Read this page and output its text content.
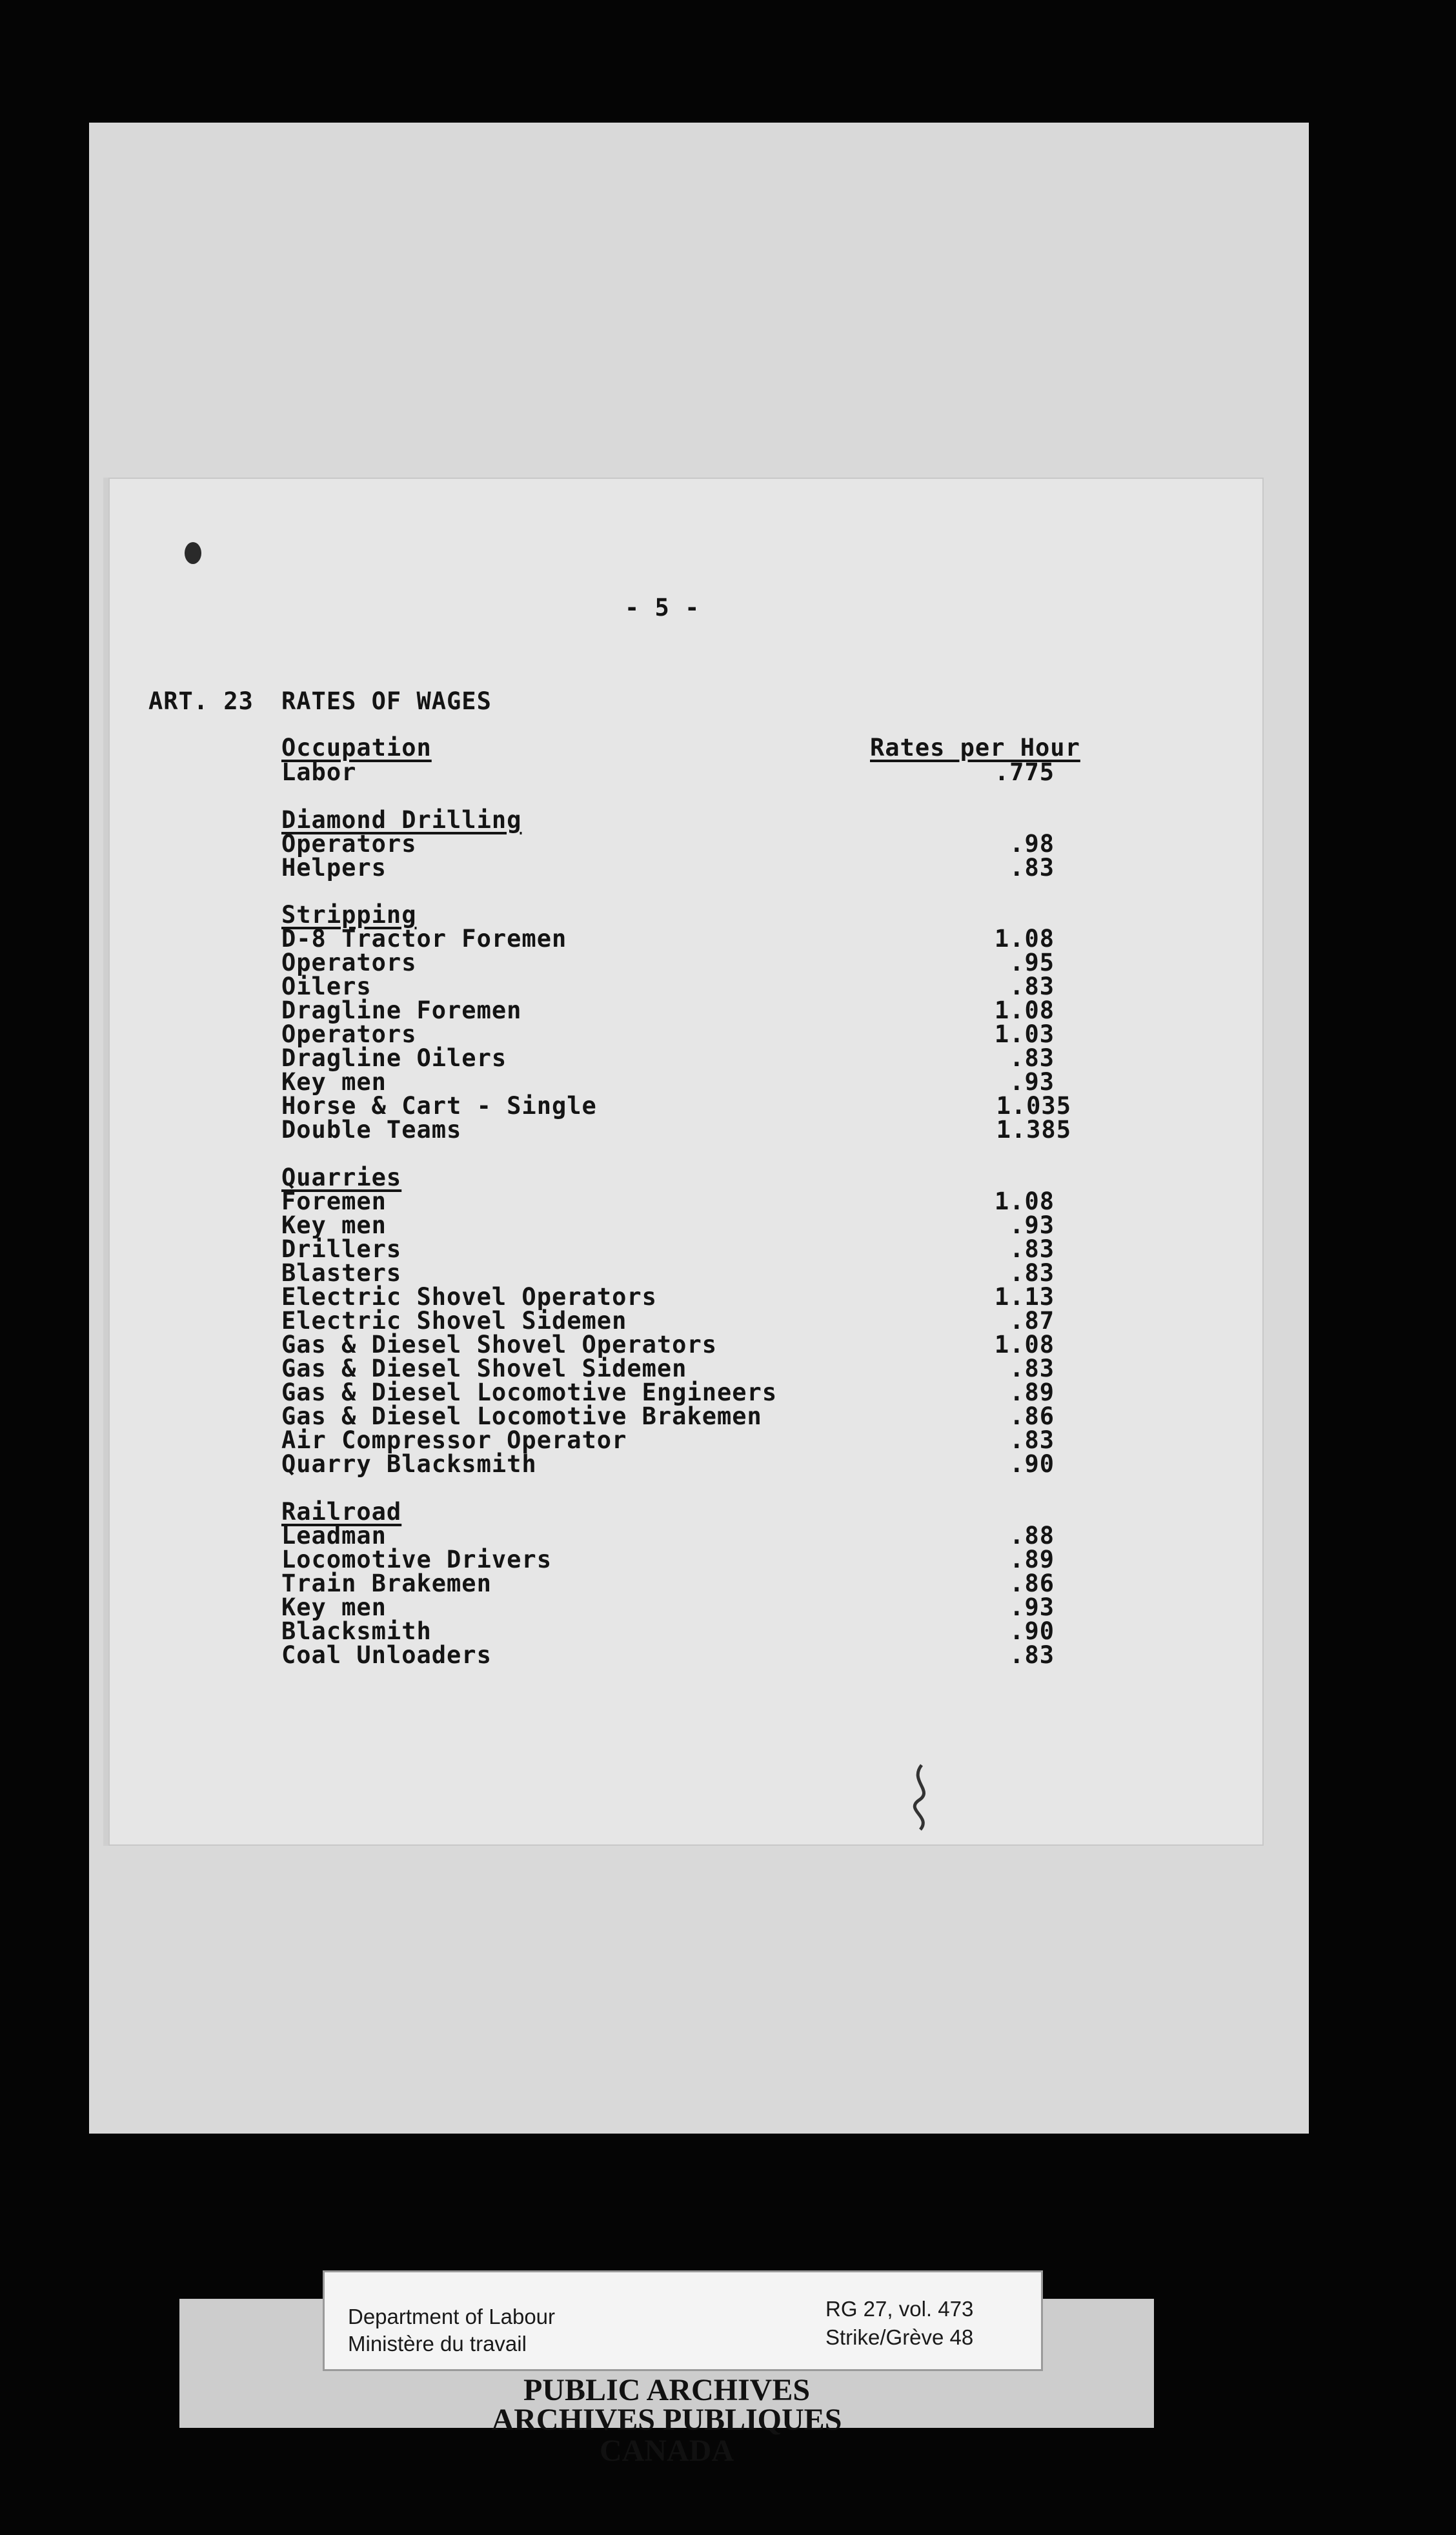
- 5 -
ART. 23 RATES OF WAGES
Occupation	Rates per Hour
Labor	.775
Diamond Drilling
Operators	.98
Helpers	.83
Stripping
D-8 Tractor Foremen	1.08
Operators	.95
Oilers	.83
Dragline Foremen	1.08
Operators	1.03
Dragline Oilers	.83
Key men	.93
Horse & Cart - Single	1.035
Double Teams	1.385
Quarries
Foremen	1.08
Key men	.93
Drillers	.83
Blasters	.83
Electric Shovel Operators	1.13
Electric Shovel Sidemen	.87
Gas & Diesel Shovel Operators	1.08
Gas & Diesel Shovel Sidemen	.83
Gas & Diesel Locomotive Engineers	.89
Gas & Diesel Locomotive Brakemen	.86
Air Compressor Operator	.83
Quarry Blacksmith	.90
Railroad
Leadman	.88
Locomotive Drivers	.89
Train Brakemen	.86
Key men	.93
Blacksmith	.90
Coal Unloaders	.83
PUBLIC ARCHIVES
ARCHIVES PUBLIQUES
CANADA
Department of Labour
Ministère du travail
RG 27, vol. 473
Strike/Grève 48
